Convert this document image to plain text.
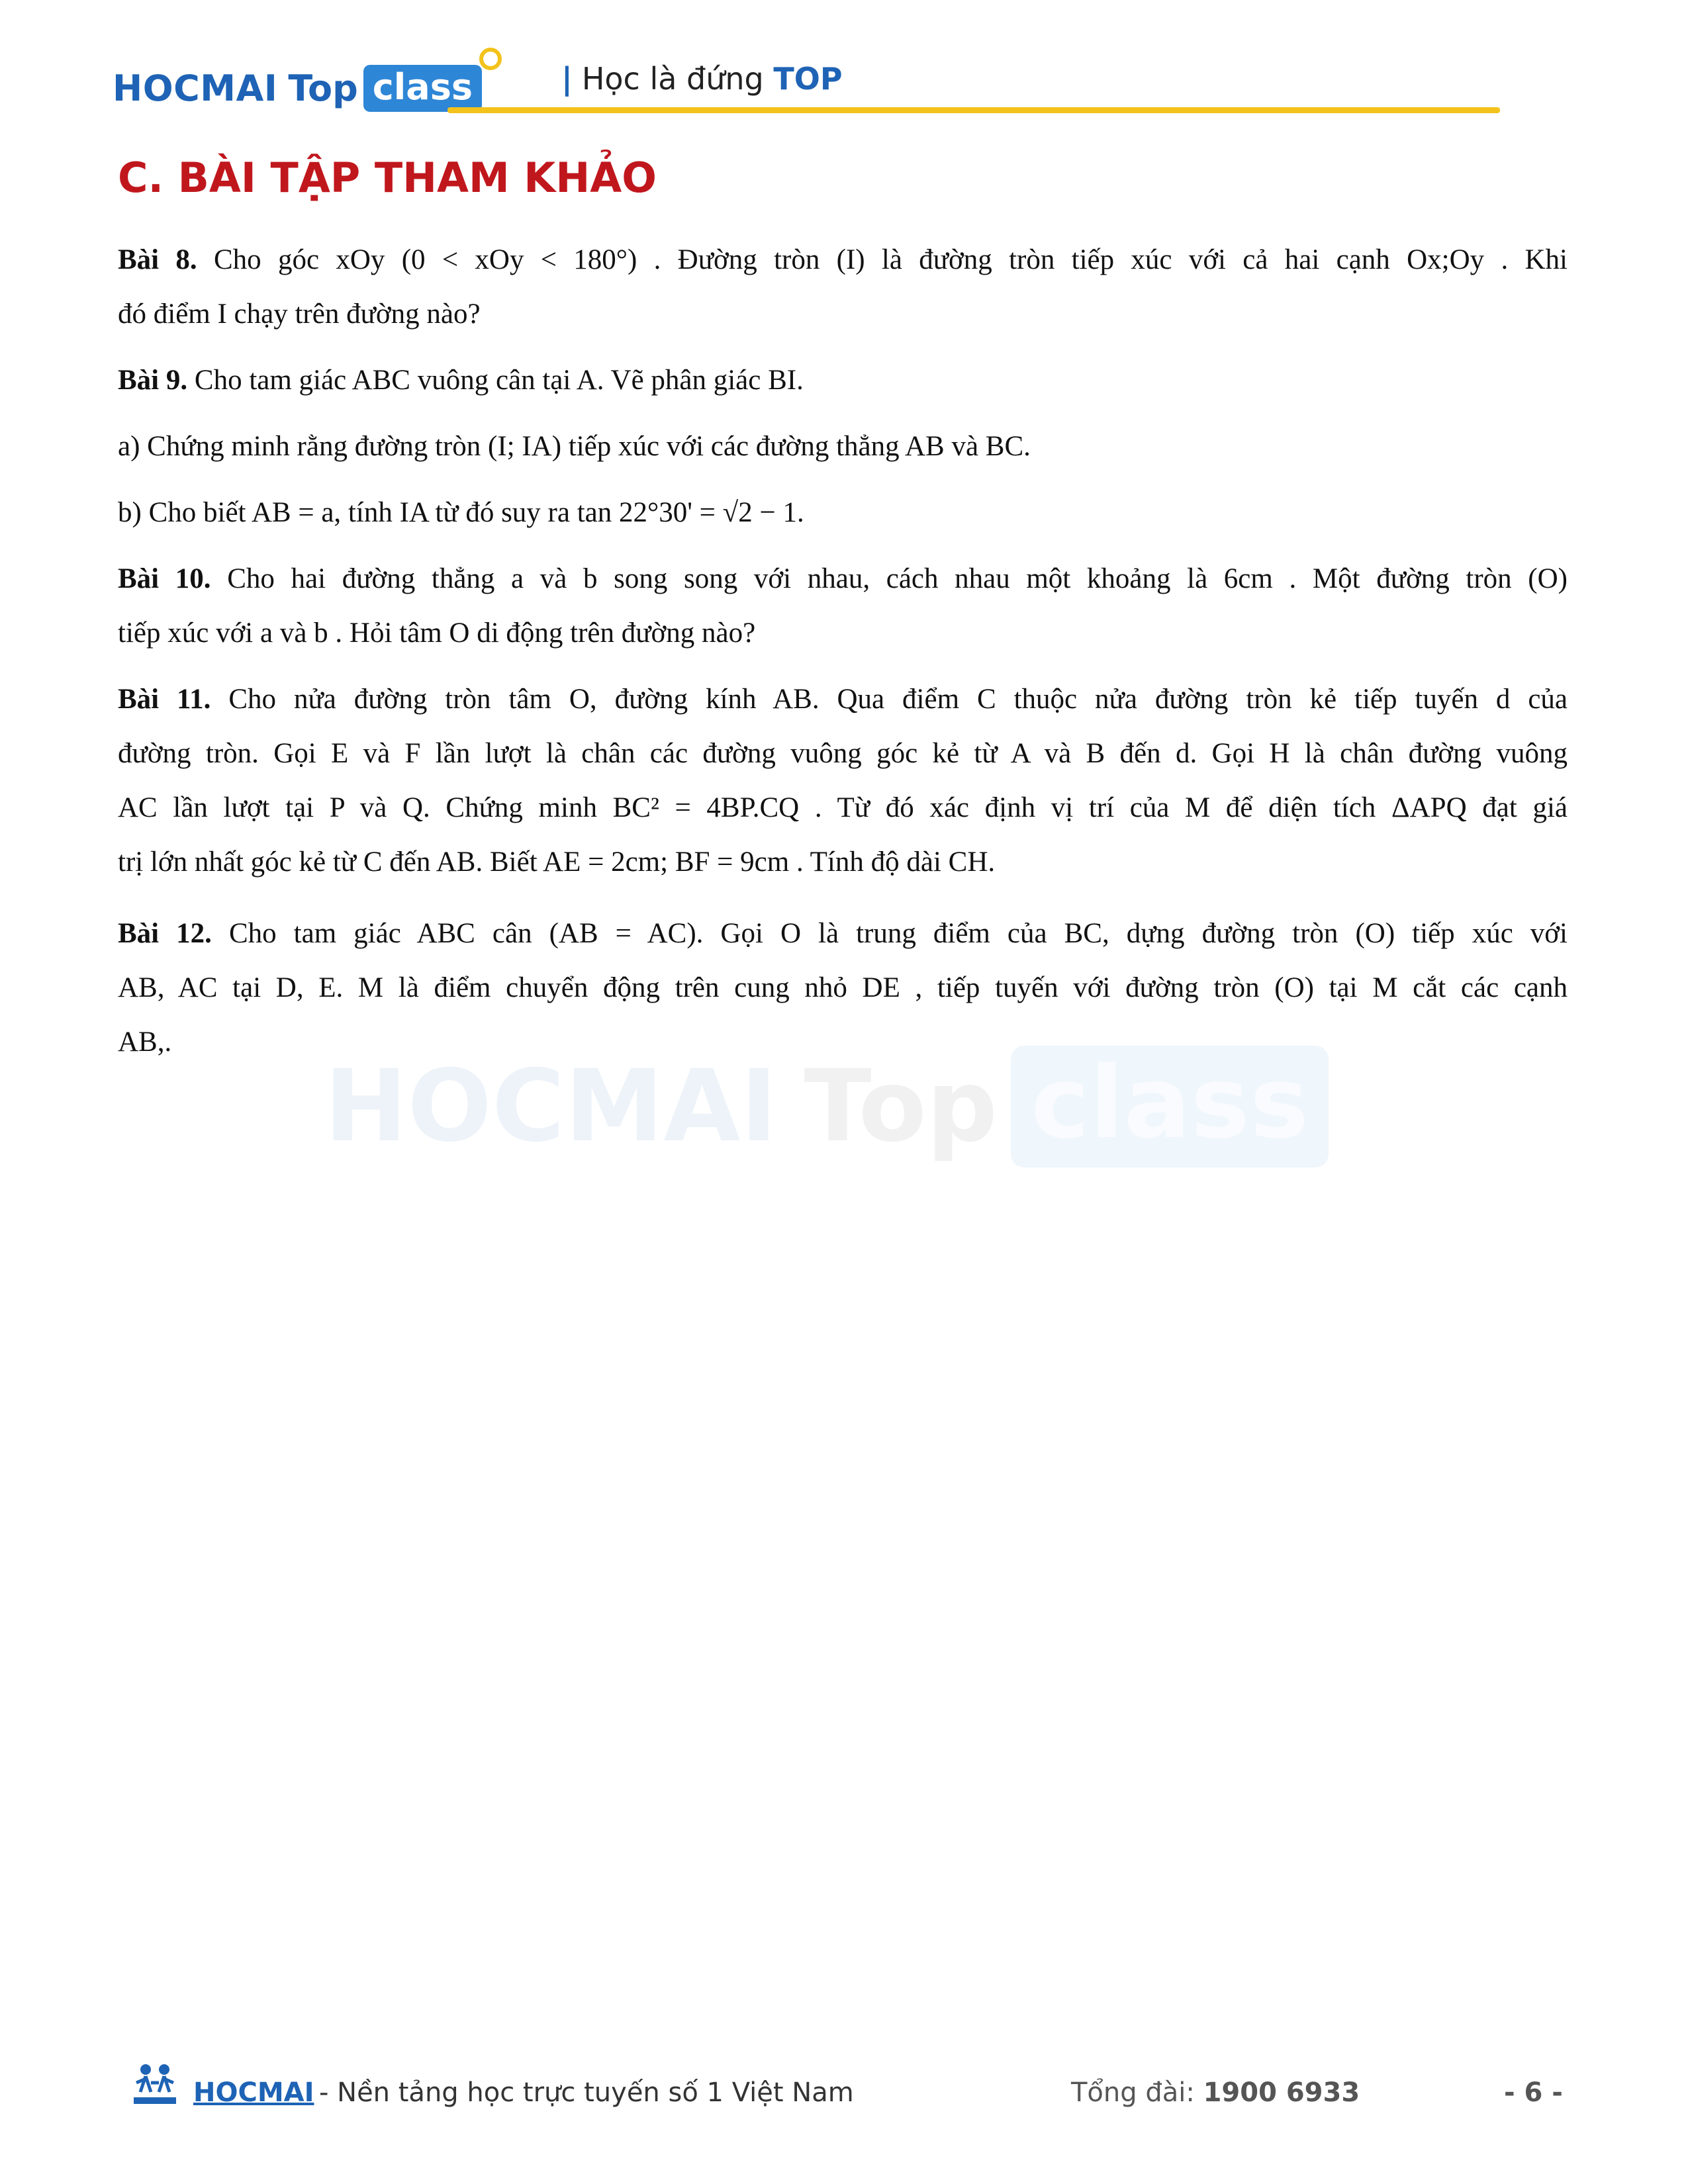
HOCMAI Top class	| Học là đứng TOP
C. BÀI TẬP THAM KHẢO
HOCMAI Top class

Bài 8. Cho góc xOy (0 < xOy < 180°) . Đường tròn (I) là đường tròn tiếp xúc với cả hai cạnh Ox;Oy . Khi

đó điểm I chạy trên đường nào?

Bài 9. Cho tam giác ABC vuông cân tại A. Vẽ phân giác BI.

a) Chứng minh rằng đường tròn (I; IA) tiếp xúc với các đường thẳng AB và BC.

b) Cho biết AB = a, tính IA từ đó suy ra tan 22°30' = √2 − 1.

Bài 10. Cho hai đường thẳng a và b song song với nhau, cách nhau một khoảng là 6cm . Một đường tròn (O)

tiếp xúc với a và b . Hỏi tâm O di động trên đường nào?

Bài 11. Cho nửa đường tròn tâm O, đường kính AB. Qua điểm C thuộc nửa đường tròn kẻ tiếp tuyến d của

đường tròn. Gọi E và F lần lượt là chân các đường vuông góc kẻ từ A và B đến d. Gọi H là chân đường vuông

AC lần lượt tại P và Q. Chứng minh BC² = 4BP.CQ . Từ đó xác định vị trí của M để diện tích ΔAPQ đạt giá

trị lớn nhất góc kẻ từ C đến AB. Biết AE = 2cm; BF = 9cm . Tính độ dài CH.

Bài 12. Cho tam giác ABC cân (AB = AC). Gọi O là trung điểm của BC, dựng đường tròn (O) tiếp xúc với

AB, AC tại D, E. M là điểm chuyển động trên cung nhỏ DE , tiếp tuyến với đường tròn (O) tại M cắt các cạnh

AB,.

HOCMAI - Nền tảng học trực tuyến số 1 Việt Nam	Tổng đài: 1900 6933	- 6 -
